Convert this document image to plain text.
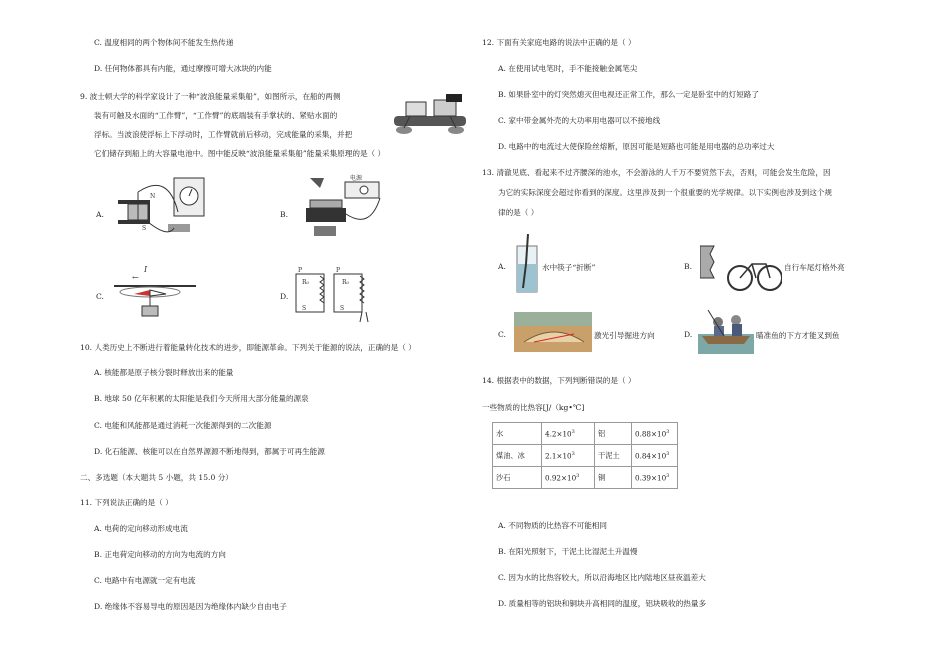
C. 温度相同的两个物体间不能发生热传递
D. 任何物体都具有内能，通过摩擦可增大冰块的内能
9. 波士顿大学的科学家设计了一种“波浪能量采集船”，如图所示，在船的两侧
装有可触及水面的“工作臂”，“工作臂”的底端装有手掌状的、紧贴水面的
浮标。当波浪使浮标上下浮动时，工作臂就前后移动，完成能量的采集，并把
它们储存到船上的大容量电池中。图中能反映“波浪能量采集船”能量采集原理的是（ ）
A.
N
S
B.
电源
C.
I
←
D.
P	P
R₀	R₀
S	S
10. 人类历史上不断进行着能量转化技术的进步，即能源革命。下列关于能源的说法，正确的是（ ）
A. 核能都是原子核分裂时释放出来的能量
B. 地球 50 亿年积累的太阳能是我们今天所用大部分能量的源泉
C. 电能和风能都是通过消耗一次能源得到的二次能源
D. 化石能源、核能可以在自然界源源不断地得到，都属于可再生能源
二、多选题（本大题共 5 小题，共 15.0 分）
11. 下列说法正确的是（ ）
A. 电荷的定向移动形成电流
B. 正电荷定向移动的方向为电流的方向
C. 电路中有电源就一定有电流
D. 绝缘体不容易导电的原因是因为绝缘体内缺少自由电子
12. 下面有关家庭电路的说法中正确的是（ ）
A. 在使用试电笔时，手不能接触金属笔尖
B. 如果卧室中的灯突然熄灭但电视还正常工作，那么一定是卧室中的灯短路了
C. 家中带金属外壳的大功率用电器可以不接地线
D. 电路中的电流过大使保险丝熔断，原因可能是短路也可能是用电器的总功率过大
13. 清澈见底、看起来不过齐腰深的池水，不会游泳的人千万不要贸然下去，否则，可能会发生危险，因
为它的实际深度会超过你看到的深度。这里涉及到一个很重要的光学规律。以下实例也涉及到这个规
律的是（ ）
A.	水中筷子“折断”	B.	自行车尾灯格外亮
C.	激光引导掘进方向	D.	瞄准鱼的下方才能叉到鱼
14. 根据表中的数据，下列判断错误的是（ ）
一些物质的比热容[J/（kg•℃]
水	$4.2\times 10^3$	铝	$0.88\times 10^3$
煤油、冰	$2.1\times 10^3$	干泥土	$0.84\times 10^3$
沙石	$0.92\times 10^3$	铜	$0.39\times 10^3$
A. 不同物质的比热容不可能相同
B. 在阳光照射下，干泥土比湿泥土升温慢
C. 因为水的比热容较大，所以沿海地区比内陆地区昼夜温差大
D. 质量相等的铝块和铜块升高相同的温度，铝块吸收的热量多
